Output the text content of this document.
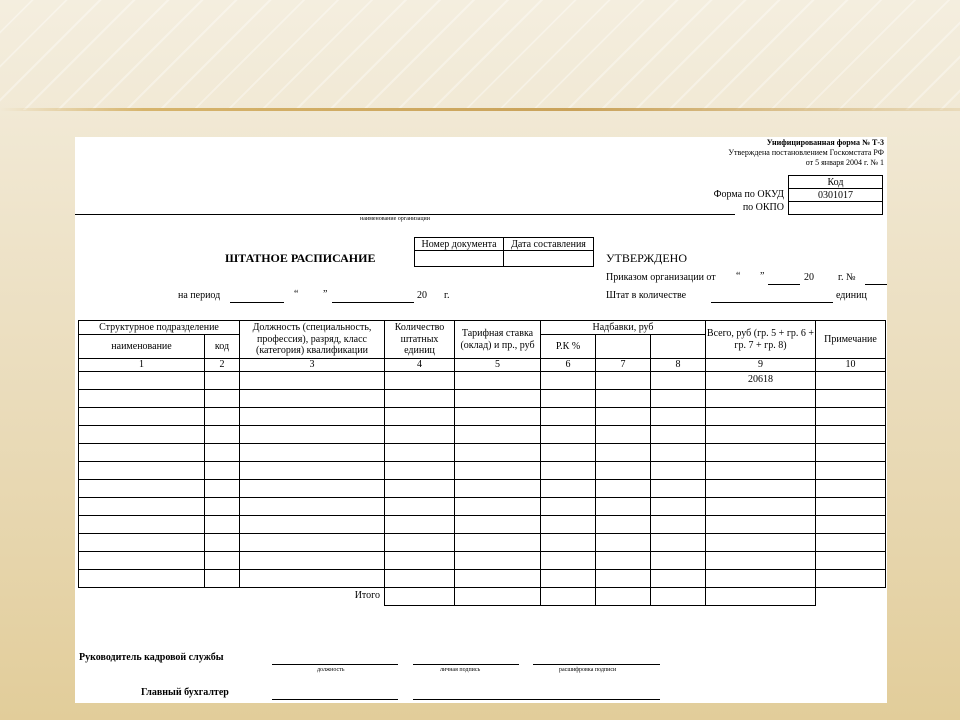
Унифицированная форма № Т-3
Утверждена постановлением Госкомстата РФ
от 5 января 2004 г. № 1
Код
0301017
Форма по ОКУД
по ОКПО
наименование организации
ШТАТНОЕ РАСПИСАНИЕ
Номер документа	Дата составления
на период	“ ”	20 г.
УТВЕРЖДЕНО
Приказом организации от “ ”	20 г. №
Штат в количестве	единиц
Структурное подразделение		Должность (специальность, профессия), разряд, класс (категория) квалификации	Количество штатных единиц	Тарифная ставка (оклад) и пр., руб	Надбавки, руб			Всего, руб (гр. 5 + гр. 6 + гр. 7 + гр. 8)	Примечание
наименование	код				Р.К %				
1	2	3	4	5	6	7	8	9	10
								20618	

Итого									
Руководитель кадровой службы
должность	личная подпись	расшифровка подписи
Главный бухгалтер
